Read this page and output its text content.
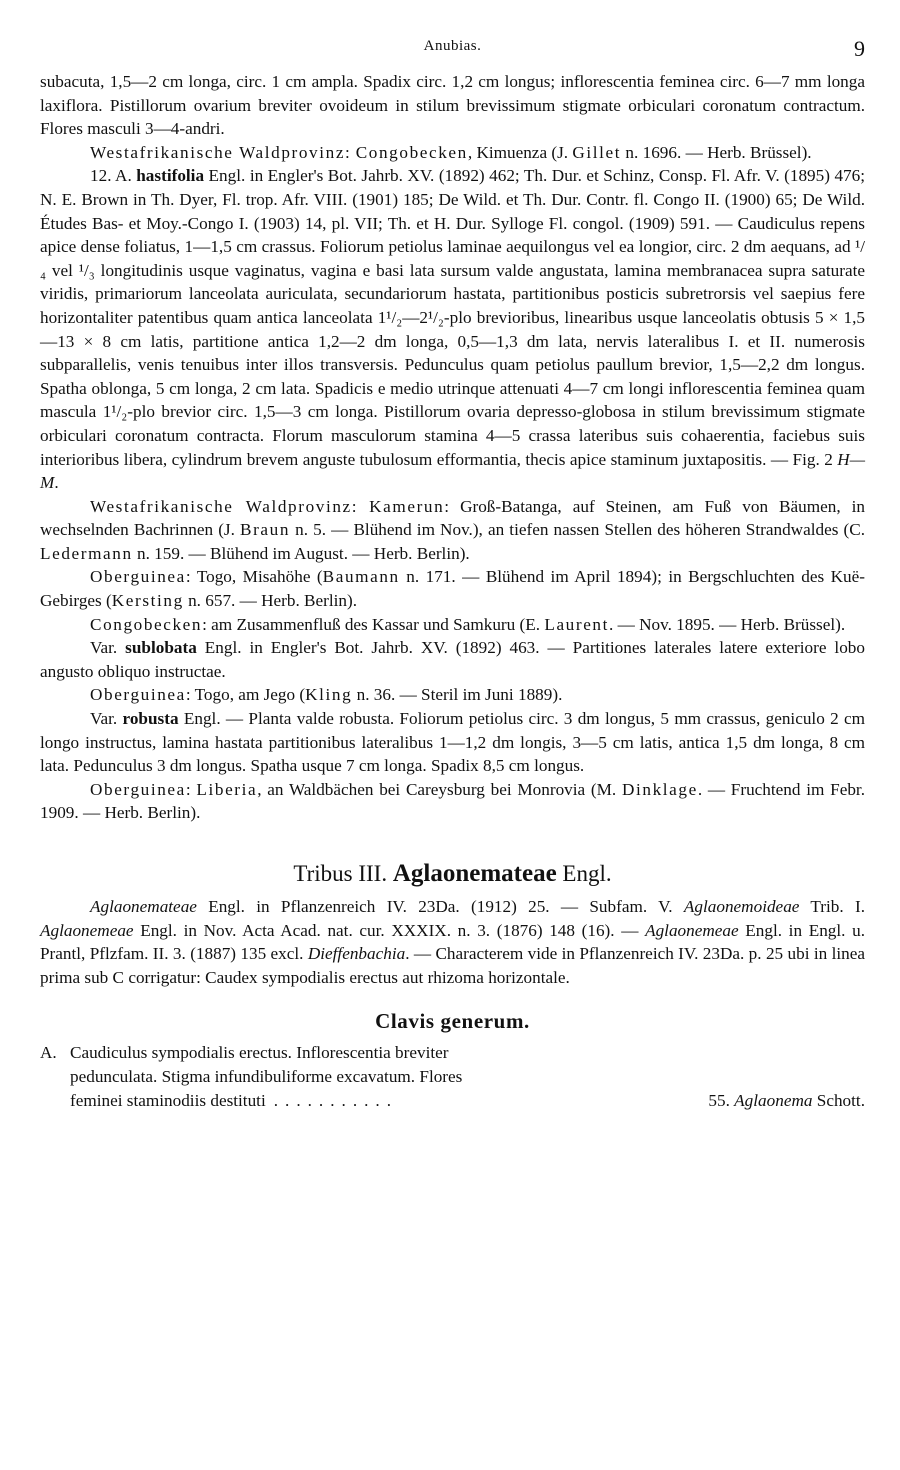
Anubias.	9

subacuta, 1,5—2 cm longa, circ. 1 cm ampla. Spadix circ. 1,2 cm longus; inflorescentia feminea circ. 6—7 mm longa laxiflora. Pistillorum ovarium breviter ovoideum in stilum brevissimum stigmate orbiculari coronatum contractum. Flores masculi 3—4-andri.

Westafrikanische Waldprovinz: Congobecken, Kimuenza (J. Gillet n. 1696. — Herb. Brüssel).

12. A. hastifolia Engl. in Engler's Bot. Jahrb. XV. (1892) 462; Th. Dur. et Schinz, Consp. Fl. Afr. V. (1895) 476; N. E. Brown in Th. Dyer, Fl. trop. Afr. VIII. (1901) 185; De Wild. et Th. Dur. Contr. fl. Congo II. (1900) 65; De Wild. Études Bas- et Moy.-Congo I. (1903) 14, pl. VII; Th. et H. Dur. Sylloge Fl. congol. (1909) 591. — Caudiculus repens apice dense foliatus, 1—1,5 cm crassus. Foliorum petiolus laminae aequilongus vel ea longior, circ. 2 dm aequans, ad ¹/₄ vel ¹/₃ longitudinis usque vaginatus, vagina e basi lata sursum valde angustata, lamina membranacea supra saturate viridis, primariorum lanceolata auriculata, secundariorum hastata, partitionibus posticis subretrorsis vel saepius fere horizontaliter patentibus quam antica lanceolata 1¹/₂—2¹/₂-plo brevioribus, linearibus usque lanceolatis obtusis 5 × 1,5—13 × 8 cm latis, partitione antica 1,2—2 dm longa, 0,5—1,3 dm lata, nervis lateralibus I. et II. numerosis subparallelis, venis tenuibus inter illos transversis. Pedunculus quam petiolus paullum brevior, 1,5—2,2 dm longus. Spatha oblonga, 5 cm longa, 2 cm lata. Spadicis e medio utrinque attenuati 4—7 cm longi inflorescentia feminea quam mascula 1¹/₂-plo brevior circ. 1,5—3 cm longa. Pistillorum ovaria depresso-globosa in stilum brevissimum stigmate orbiculari coronatum contracta. Florum masculorum stamina 4—5 crassa lateribus suis cohaerentia, faciebus suis interioribus libera, cylindrum brevem anguste tubulosum efformantia, thecis apice staminum juxtapositis. — Fig. 2 H—M.

Westafrikanische Waldprovinz: Kamerun: Groß-Batanga, auf Steinen, am Fuß von Bäumen, in wechselnden Bachrinnen (J. Braun n. 5. — Blühend im Nov.), an tiefen nassen Stellen des höheren Strandwaldes (C. Ledermann n. 159. — Blühend im August. — Herb. Berlin).

Oberguinea: Togo, Misahöhe (Baumann n. 171. — Blühend im April 1894); in Bergschluchten des Kuë-Gebirges (Kersting n. 657. — Herb. Berlin).

Congobecken: am Zusammenfluß des Kassar und Samkuru (E. Laurent. — Nov. 1895. — Herb. Brüssel).

Var. sublobata Engl. in Engler's Bot. Jahrb. XV. (1892) 463. — Partitiones laterales latere exteriore lobo angusto obliquo instructae.

Oberguinea: Togo, am Jego (Kling n. 36. — Steril im Juni 1889).

Var. robusta Engl. — Planta valde robusta. Foliorum petiolus circ. 3 dm longus, 5 mm crassus, geniculo 2 cm longo instructus, lamina hastata partitionibus lateralibus 1—1,2 dm longis, 3—5 cm latis, antica 1,5 dm longa, 8 cm lata. Pedunculus 3 dm longus. Spatha usque 7 cm longa. Spadix 8,5 cm longus.

Oberguinea: Liberia, an Waldbächen bei Careysburg bei Monrovia (M. Dinklage. — Fruchtend im Febr. 1909. — Herb. Berlin).

Tribus III. Aglaonemateae Engl.

Aglaonemateae Engl. in Pflanzenreich IV. 23Da. (1912) 25. — Subfam. V. Aglaonemoideae Trib. I. Aglaonemeae Engl. in Nov. Acta Acad. nat. cur. XXXIX. n. 3. (1876) 148 (16). — Aglaonemeae Engl. in Engl. u. Prantl, Pflzfam. II. 3. (1887) 135 excl. Dieffenbachia. — Characterem vide in Pflanzenreich IV. 23Da. p. 25 ubi in linea prima sub C corrigatur: Caudex sympodialis erectus aut rhizoma horizontale.

Clavis generum.
A. Caudiculus sympodialis erectus. Inflorescentia breviter
pedunculata. Stigma infundibuliforme excavatum. Flores
feminei staminodiis destituti ...........	55. Aglaonema Schott.
